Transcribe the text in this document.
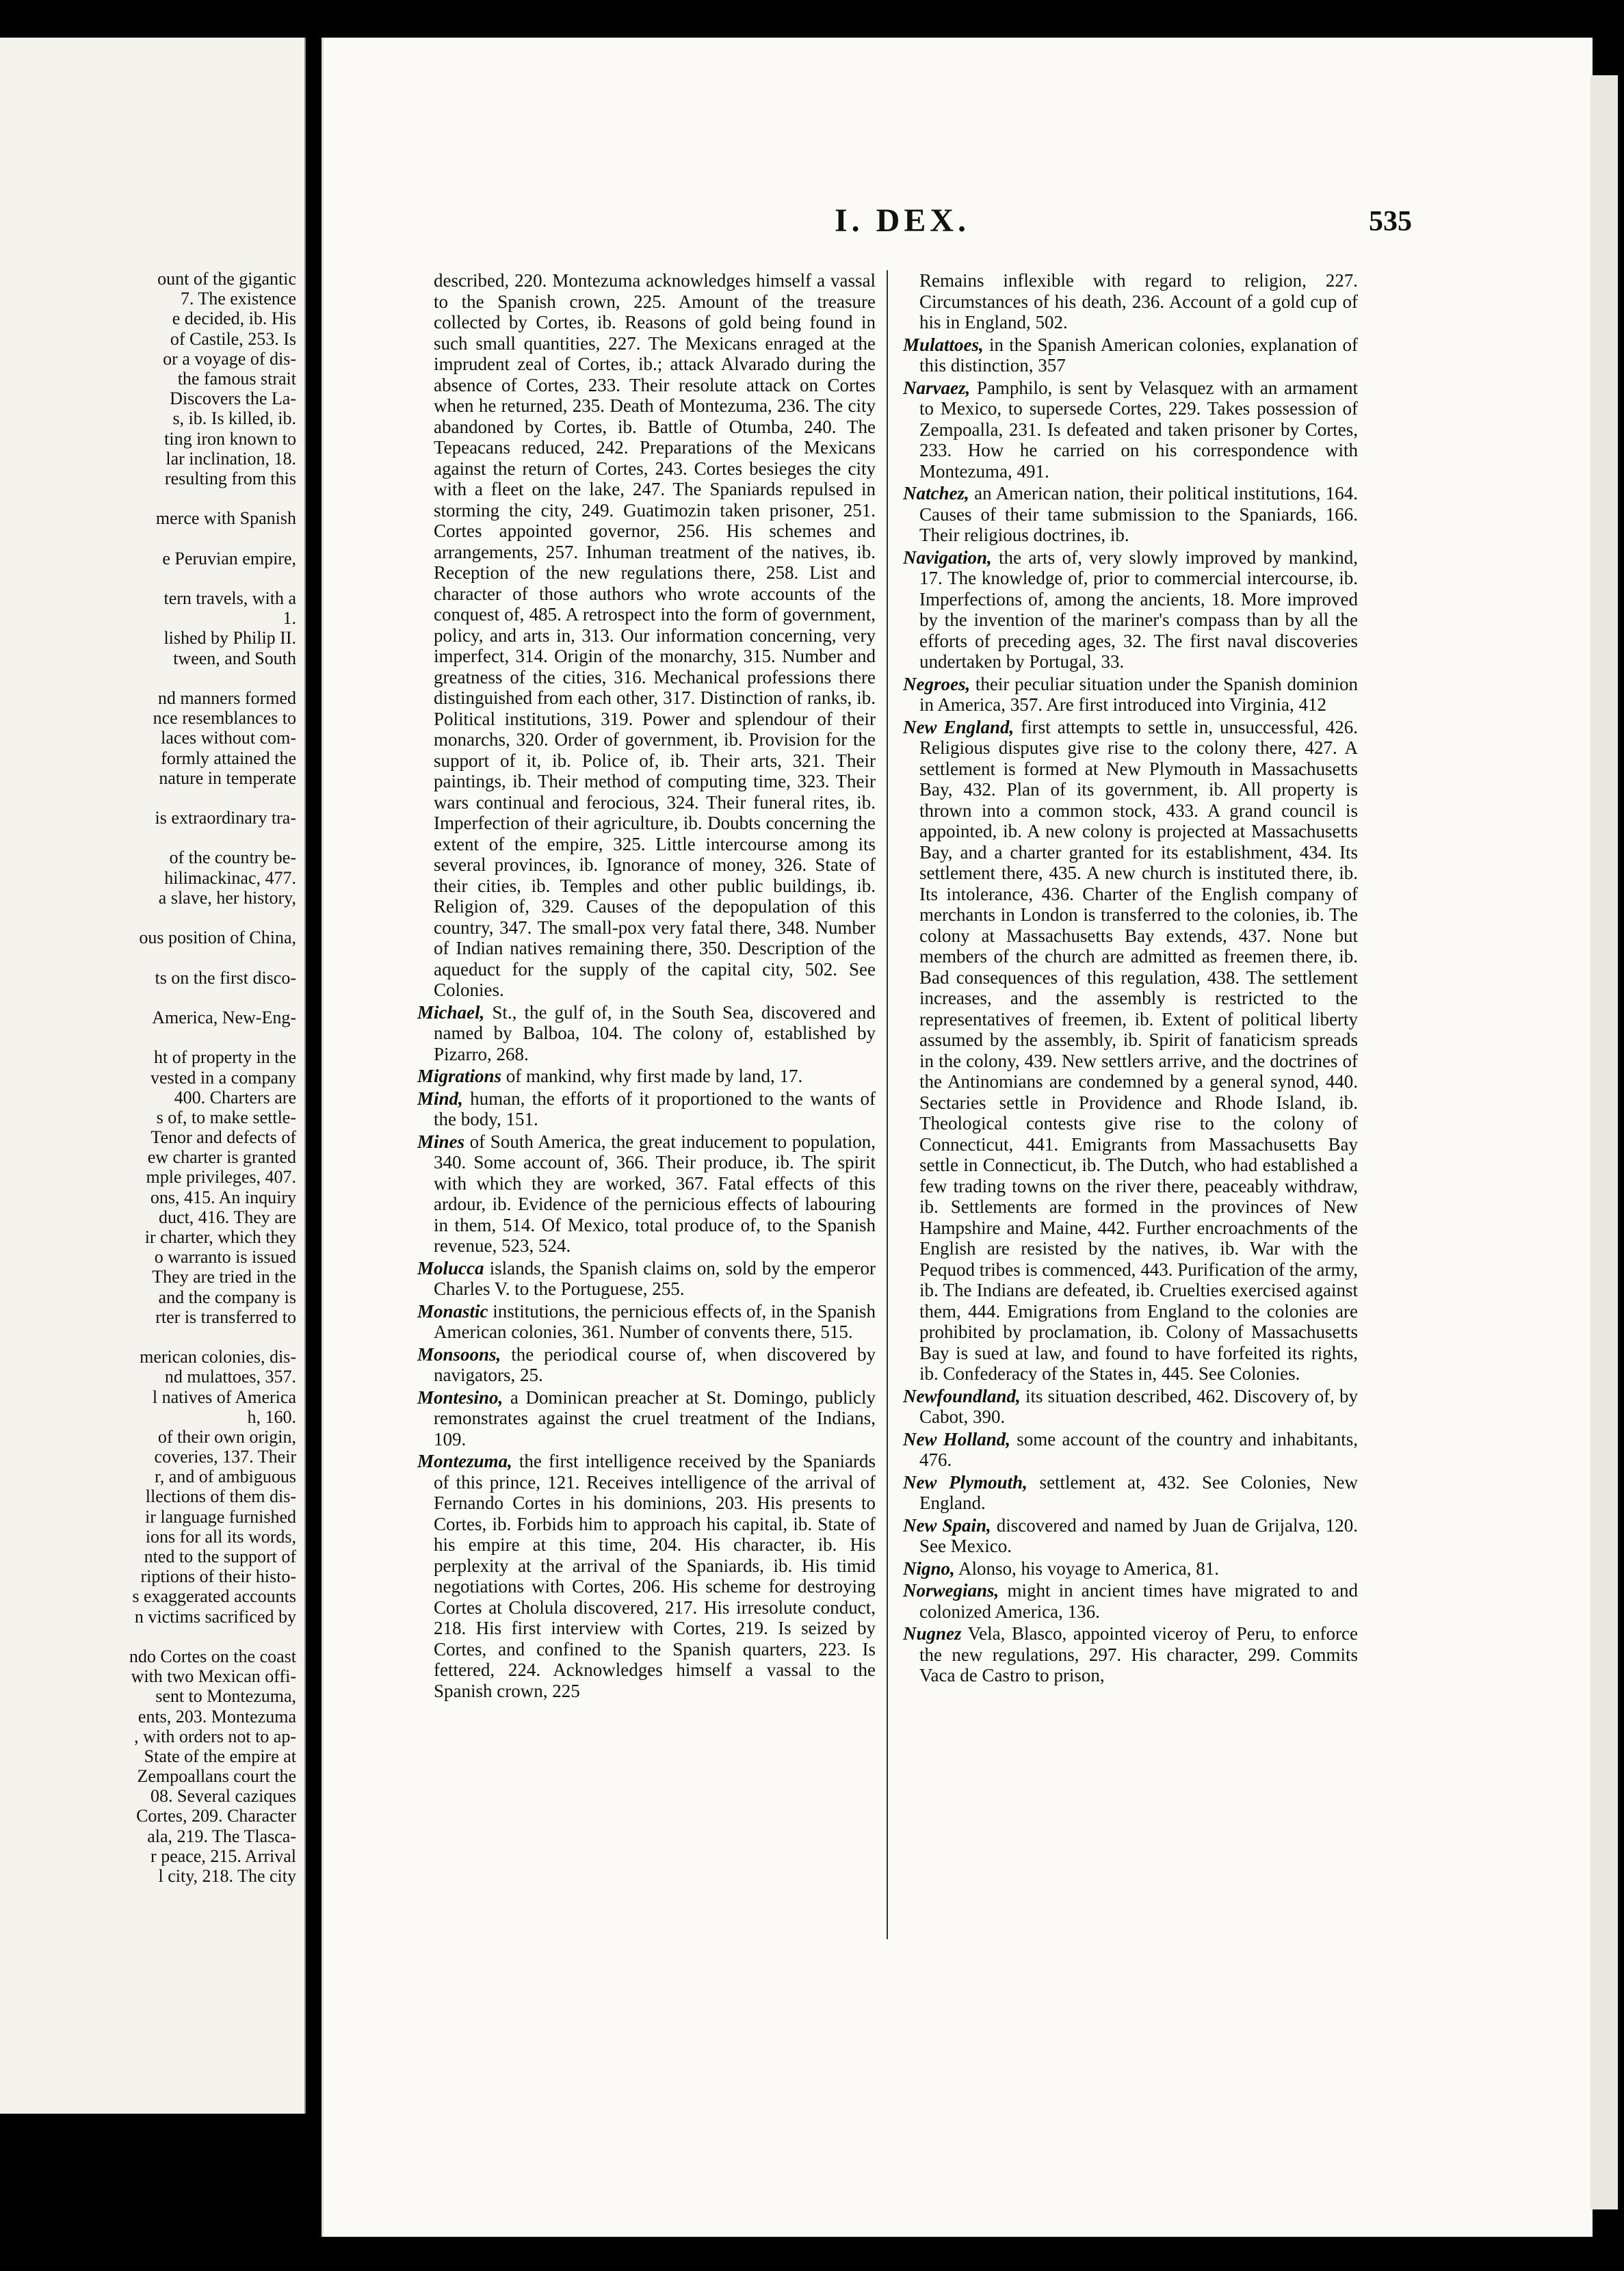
ount of the gigantic
7. The existence
e decided, ib. His
of Castile, 253. Is
or a voyage of dis-
the famous strait
Discovers the La-
s, ib. Is killed, ib.
ting iron known to
lar inclination, 18.
resulting from this
merce with Spanish
e Peruvian empire,
tern travels, with a
1.
lished by Philip II.
tween, and South
nd manners formed
nce resemblances to
laces without com-
formly attained the
nature in temperate
is extraordinary tra-
of the country be-
hilimackinac, 477.
a slave, her history,
ous position of China,
ts on the first disco-
America, New-Eng-
ht of property in the
vested in a company
400. Charters are
s of, to make settle-
Tenor and defects of
ew charter is granted
mple privileges, 407.
ons, 415. An inquiry
duct, 416. They are
ir charter, which they
o warranto is issued
They are tried in the
and the company is
rter is transferred to
merican colonies, dis-
nd mulattoes, 357.
l natives of America
h, 160.
of their own origin,
coveries, 137. Their
r, and of ambiguous
llections of them dis-
ir language furnished
ions for all its words,
nted to the support of
riptions of their histo-
s exaggerated accounts
n victims sacrificed by
ndo Cortes on the coast
with two Mexican offi-
sent to Montezuma,
ents, 203. Montezuma
, with orders not to ap-
State of the empire at
Zempoallans court the
08. Several caziques
Cortes, 209. Character
ala, 219. The Tlasca-
r peace, 215. Arrival
l city, 218. The city
I. DEX.	535

described, 220. Montezuma acknowledges himself a vassal to the Spanish crown, 225. Amount of the treasure collected by Cortes, ib. Reasons of gold being found in such small quantities, 227. The Mexicans enraged at the imprudent zeal of Cortes, ib.; attack Alvarado during the absence of Cortes, 233. Their resolute attack on Cortes when he returned, 235. Death of Montezuma, 236. The city abandoned by Cortes, ib. Battle of Otumba, 240. The Tepeacans reduced, 242. Preparations of the Mexicans against the return of Cortes, 243. Cortes besieges the city with a fleet on the lake, 247. The Spaniards repulsed in storming the city, 249. Guatimozin taken prisoner, 251. Cortes appointed governor, 256. His schemes and arrangements, 257. Inhuman treatment of the natives, ib. Reception of the new regulations there, 258. List and character of those authors who wrote accounts of the conquest of, 485. A retrospect into the form of government, policy, and arts in, 313. Our information concerning, very imperfect, 314. Origin of the monarchy, 315. Number and greatness of the cities, 316. Mechanical professions there distinguished from each other, 317. Distinction of ranks, ib. Political institutions, 319. Power and splendour of their monarchs, 320. Order of government, ib. Provision for the support of it, ib. Police of, ib. Their arts, 321. Their paintings, ib. Their method of computing time, 323. Their wars continual and ferocious, 324. Their funeral rites, ib. Imperfection of their agriculture, ib. Doubts concerning the extent of the empire, 325. Little intercourse among its several provinces, ib. Ignorance of money, 326. State of their cities, ib. Temples and other public buildings, ib. Religion of, 329. Causes of the depopulation of this country, 347. The small-pox very fatal there, 348. Number of Indian natives remaining there, 350. Description of the aqueduct for the supply of the capital city, 502. See Colonies.

Michael, St., the gulf of, in the South Sea, discovered and named by Balboa, 104. The colony of, established by Pizarro, 268.

Migrations of mankind, why first made by land, 17.

Mind, human, the efforts of it proportioned to the wants of the body, 151.

Mines of South America, the great inducement to population, 340. Some account of, 366. Their produce, ib. The spirit with which they are worked, 367. Fatal effects of this ardour, ib. Evidence of the pernicious effects of labouring in them, 514. Of Mexico, total produce of, to the Spanish revenue, 523, 524.

Molucca islands, the Spanish claims on, sold by the emperor Charles V. to the Portuguese, 255.

Monastic institutions, the pernicious effects of, in the Spanish American colonies, 361. Number of convents there, 515.

Monsoons, the periodical course of, when discovered by navigators, 25.

Montesino, a Dominican preacher at St. Domingo, publicly remonstrates against the cruel treatment of the Indians, 109.

Montezuma, the first intelligence received by the Spaniards of this prince, 121. Receives intelligence of the arrival of Fernando Cortes in his dominions, 203. His presents to Cortes, ib. Forbids him to approach his capital, ib. State of his empire at this time, 204. His character, ib. His perplexity at the arrival of the Spaniards, ib. His timid negotiations with Cortes, 206. His scheme for destroying Cortes at Cholula discovered, 217. His irresolute conduct, 218. His first interview with Cortes, 219. Is seized by Cortes, and confined to the Spanish quarters, 223. Is fettered, 224. Acknowledges himself a vassal to the Spanish crown, 225

Remains inflexible with regard to religion, 227. Circumstances of his death, 236. Account of a gold cup of his in England, 502.

Mulattoes, in the Spanish American colonies, explanation of this distinction, 357

Narvaez, Pamphilo, is sent by Velasquez with an armament to Mexico, to supersede Cortes, 229. Takes possession of Zempoalla, 231. Is defeated and taken prisoner by Cortes, 233. How he carried on his correspondence with Montezuma, 491.

Natchez, an American nation, their political institutions, 164. Causes of their tame submission to the Spaniards, 166. Their religious doctrines, ib.

Navigation, the arts of, very slowly improved by mankind, 17. The knowledge of, prior to commercial intercourse, ib. Imperfections of, among the ancients, 18. More improved by the invention of the mariner's compass than by all the efforts of preceding ages, 32. The first naval discoveries undertaken by Portugal, 33.

Negroes, their peculiar situation under the Spanish dominion in America, 357. Are first introduced into Virginia, 412

New England, first attempts to settle in, unsuccessful, 426. Religious disputes give rise to the colony there, 427. A settlement is formed at New Plymouth in Massachusetts Bay, 432. Plan of its government, ib. All property is thrown into a common stock, 433. A grand council is appointed, ib. A new colony is projected at Massachusetts Bay, and a charter granted for its establishment, 434. Its settlement there, 435. A new church is instituted there, ib. Its intolerance, 436. Charter of the English company of merchants in London is transferred to the colonies, ib. The colony at Massachusetts Bay extends, 437. None but members of the church are admitted as freemen there, ib. Bad consequences of this regulation, 438. The settlement increases, and the assembly is restricted to the representatives of freemen, ib. Extent of political liberty assumed by the assembly, ib. Spirit of fanaticism spreads in the colony, 439. New settlers arrive, and the doctrines of the Antinomians are condemned by a general synod, 440. Sectaries settle in Providence and Rhode Island, ib. Theological contests give rise to the colony of Connecticut, 441. Emigrants from Massachusetts Bay settle in Connecticut, ib. The Dutch, who had established a few trading towns on the river there, peaceably withdraw, ib. Settlements are formed in the provinces of New Hampshire and Maine, 442. Further encroachments of the English are resisted by the natives, ib. War with the Pequod tribes is commenced, 443. Purification of the army, ib. The Indians are defeated, ib. Cruelties exercised against them, 444. Emigrations from England to the colonies are prohibited by proclamation, ib. Colony of Massachusetts Bay is sued at law, and found to have forfeited its rights, ib. Confederacy of the States in, 445. See Colonies.

Newfoundland, its situation described, 462. Discovery of, by Cabot, 390.

New Holland, some account of the country and inhabitants, 476.

New Plymouth, settlement at, 432. See Colonies, New England.

New Spain, discovered and named by Juan de Grijalva, 120. See Mexico.

Nigno, Alonso, his voyage to America, 81.

Norwegians, might in ancient times have migrated to and colonized America, 136.

Nugnez Vela, Blasco, appointed viceroy of Peru, to enforce the new regulations, 297. His character, 299. Commits Vaca de Castro to prison,
